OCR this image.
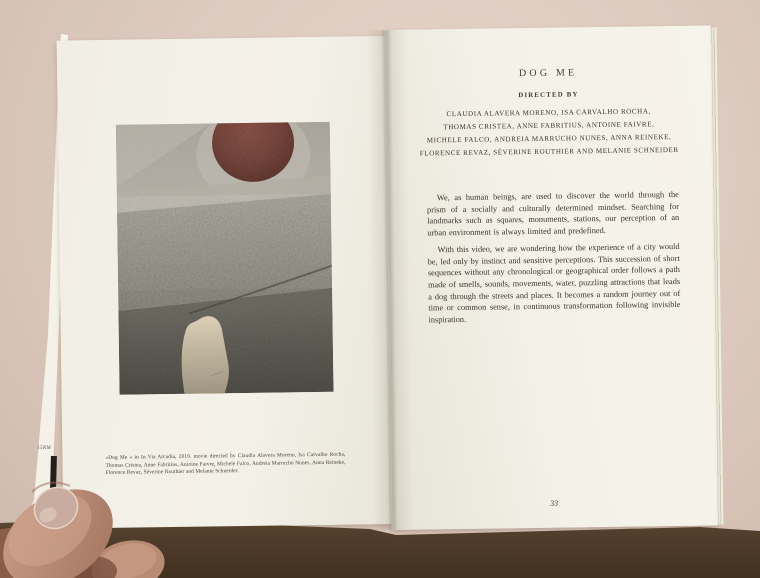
15RM

«Dog Me » in In Via Arcadia, 2019. movie directed by Claudia Alavera Moreno, Isa Carvalho Rocha, Thomas Cristea, Anne Fabritius, Antoine Faivre, Michele Falco, Andreia Marrucho Nunes, Anna Reineke, Florence Revaz, Séverine Routhier and Melanie Schneider.

DOG ME
DIRECTED BY
CLAUDIA ALAVERA MORENO, ISA CARVALHO ROCHA,
THOMAS CRISTEA, ANNE FABRITIUS, ANTOINE FAIVRE,
MICHELE FALCO, ANDREIA MARRUCHO NUNES, ANNA REINEKE,
FLORENCE REVAZ, SÉVERINE ROUTHIER AND MELANIE SCHNEIDER

We, as human beings, are used to discover the world through the prism of a socially and culturally determined mindset. Searching for landmarks such as squares, monuments, stations, our perception of an urban environment is always limited and predefined.

With this video, we are wondering how the experience of a city would be, led only by instinct and sensitive perceptions. This succession of short sequences without any chronological or geographical order follows a path made of smells, sounds, movements, water, puzzling attractions that leads a dog through the streets and places. It becomes a random journey out of time or common sense, in continuous transformation following invisible inspiration.

33
